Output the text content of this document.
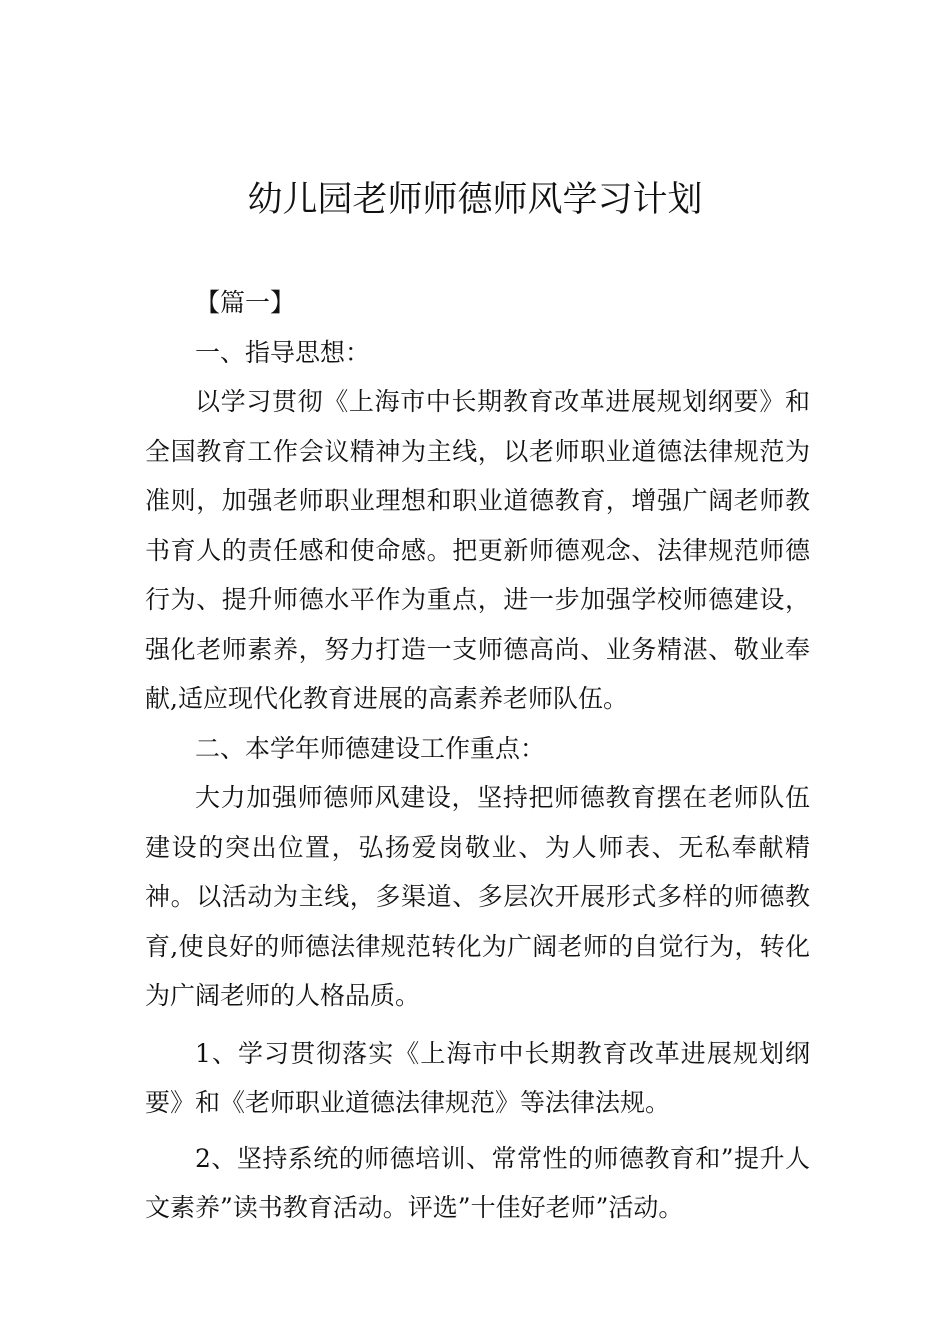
幼儿园老师师德师风学习计划

【篇一】

一、指导思想：

以学习贯彻《上海市中长期教育改革进展规划纲要》和全国教育工作会议精神为主线，以老师职业道德法律规范为准则，加强老师职业理想和职业道德教育，增强广阔老师教书育人的责任感和使命感。把更新师德观念、法律规范师德行为、提升师德水平作为重点，进一步加强学校师德建设，强化老师素养，努力打造一支师德高尚、业务精湛、敬业奉献,适应现代化教育进展的高素养老师队伍。

二、本学年师德建设工作重点：

大力加强师德师风建设，坚持把师德教育摆在老师队伍建设的突出位置，弘扬爱岗敬业、为人师表、无私奉献精神。以活动为主线，多渠道、多层次开展形式多样的师德教育,使良好的师德法律规范转化为广阔老师的自觉行为，转化为广阔老师的人格品质。

1、学习贯彻落实《上海市中长期教育改革进展规划纲要》和《老师职业道德法律规范》等法律法规。

2、坚持系统的师德培训、常常性的师德教育和”提升人文素养”读书教育活动。评选”十佳好老师”活动。
